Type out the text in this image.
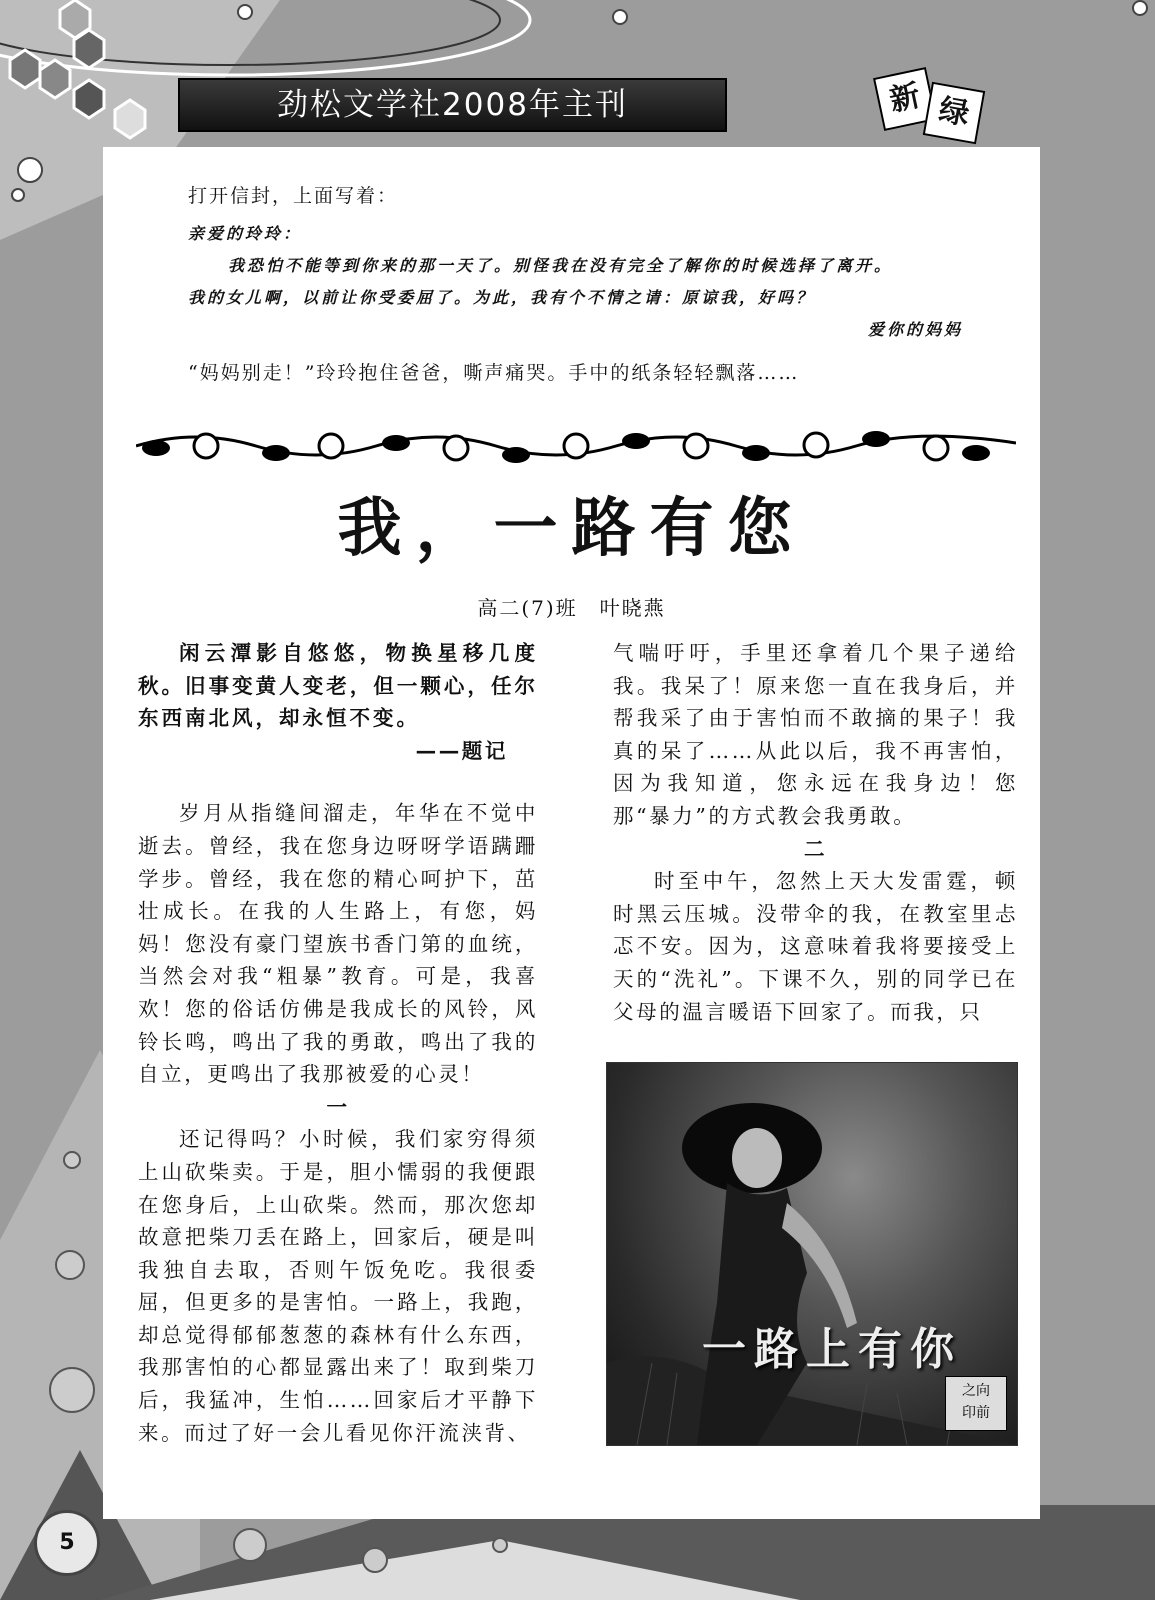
劲松文学社2008年主刊	新 绿

打开信封，上面写着：

亲爱的玲玲：

我恐怕不能等到你来的那一天了。别怪我在没有完全了解你的时候选择了离开。

我的女儿啊，以前让你受委屈了。为此，我有个不情之请：原谅我，好吗？

爱你的妈妈

“妈妈别走！”玲玲抱住爸爸，嘶声痛哭。手中的纸条轻轻飘落……

我，一路有您
高二(7)班　叶晓燕

闲云潭影自悠悠，物换星移几度秋。旧事变黄人变老，但一颗心，任尔东西南北风，却永恒不变。

——题记

岁月从指缝间溜走，年华在不觉中逝去。曾经，我在您身边呀呀学语蹒跚学步。曾经，我在您的精心呵护下，茁壮成长。在我的人生路上，有您，妈妈！您没有豪门望族书香门第的血统，当然会对我“粗暴”教育。可是，我喜欢！您的俗话仿佛是我成长的风铃，风铃长鸣，鸣出了我的勇敢，鸣出了我的自立，更鸣出了我那被爱的心灵！

一

还记得吗？小时候，我们家穷得须上山砍柴卖。于是，胆小懦弱的我便跟在您身后，上山砍柴。然而，那次您却故意把柴刀丢在路上，回家后，硬是叫我独自去取，否则午饭免吃。我很委屈，但更多的是害怕。一路上，我跑，却总觉得郁郁葱葱的森林有什么东西，我那害怕的心都显露出来了！取到柴刀后，我猛冲，生怕……回家后才平静下来。而过了好一会儿看见你汗流浃背、

气喘吁吁，手里还拿着几个果子递给我。我呆了！原来您一直在我身后，并帮我采了由于害怕而不敢摘的果子！我真的呆了……从此以后，我不再害怕，因为我知道，您永远在我身边！您那“暴力”的方式教会我勇敢。

二

时至中午，忽然上天大发雷霆，顿时黑云压城。没带伞的我，在教室里忐忑不安。因为，这意味着我将要接受上天的“洗礼”。下课不久，别的同学已在父母的温言暖语下回家了。而我，只

一路上有你
之向
印前
5
